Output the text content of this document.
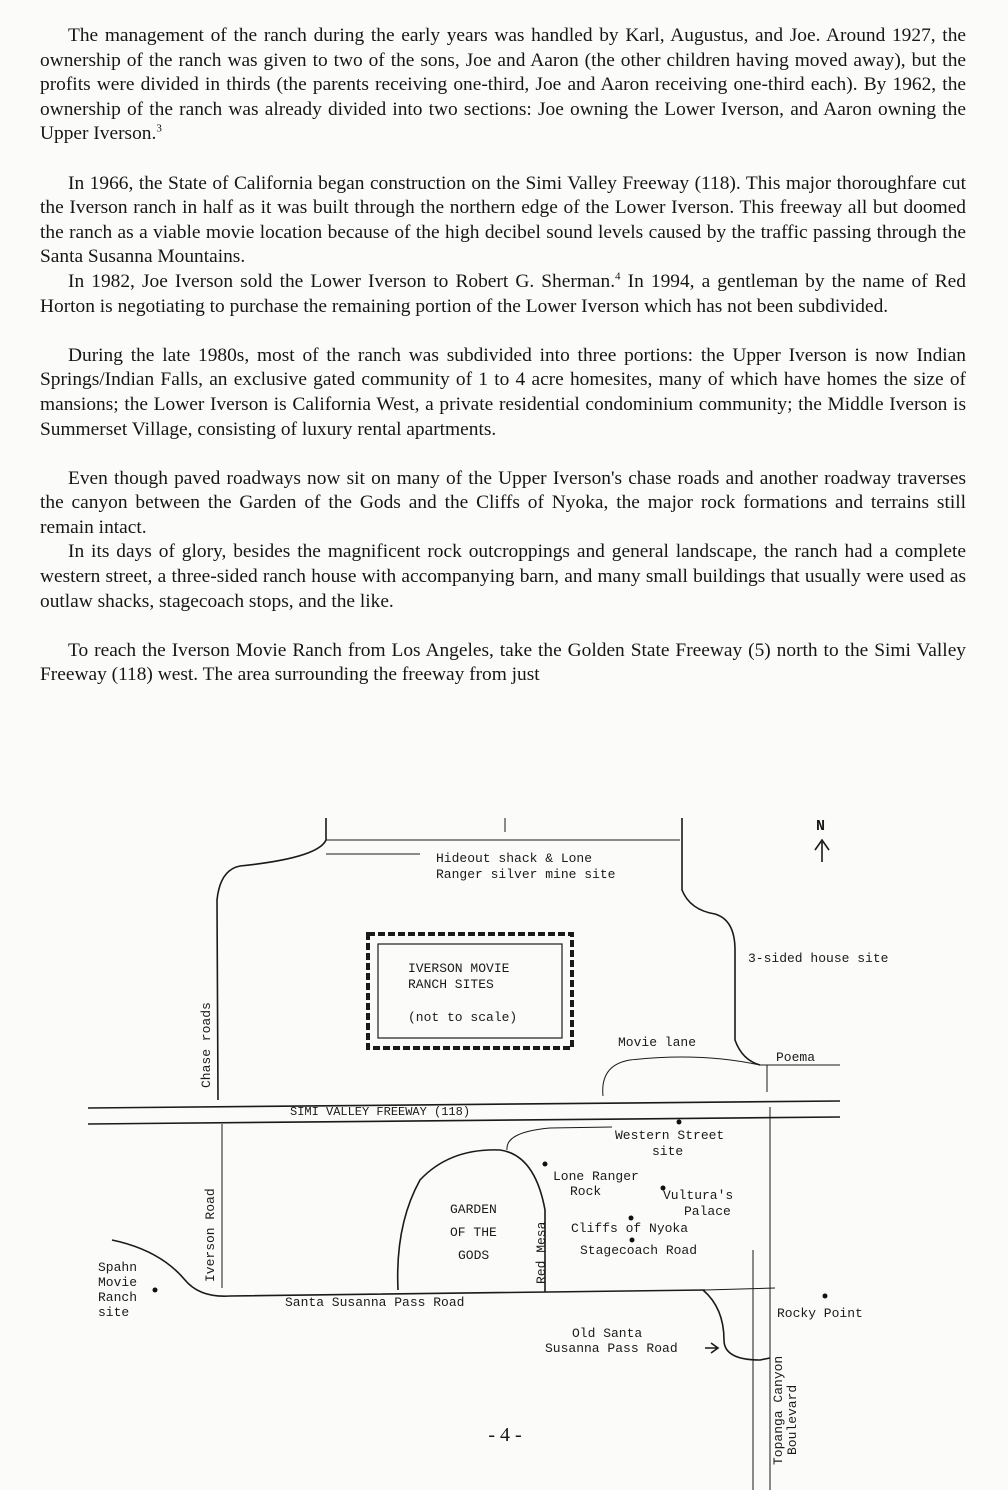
The management of the ranch during the early years was handled by Karl, Augustus, and Joe. Around 1927, the ownership of the ranch was given to two of the sons, Joe and Aaron (the other children having moved away), but the profits were divided in thirds (the parents receiving one-third, Joe and Aaron receiving one-third each). By 1962, the ownership of the ranch was already divided into two sections: Joe owning the Lower Iverson, and Aaron owning the Upper Iverson.$^3$

In 1966, the State of California began construction on the Simi Valley Freeway (118). This major thoroughfare cut the Iverson ranch in half as it was built through the northern edge of the Lower Iverson. This freeway all but doomed the ranch as a viable movie location because of the high decibel sound levels caused by the traffic passing through the Santa Susanna Mountains.

In 1982, Joe Iverson sold the Lower Iverson to Robert G. Sherman.$^4$ In 1994, a gentleman by the name of Red Horton is negotiating to purchase the remaining portion of the Lower Iverson which has not been subdivided.

During the late 1980s, most of the ranch was subdivided into three portions: the Upper Iverson is now Indian Springs/Indian Falls, an exclusive gated community of 1 to 4 acre homesites, many of which have homes the size of mansions; the Lower Iverson is California West, a private residential condominium community; the Middle Iverson is Summerset Village, consisting of luxury rental apartments.

Even though paved roadways now sit on many of the Upper Iverson's chase roads and another roadway traverses the canyon between the Garden of the Gods and the Cliffs of Nyoka, the major rock formations and terrains still remain intact.

In its days of glory, besides the magnificent rock outcroppings and general landscape, the ranch had a complete western street, a three-sided ranch house with accompanying barn, and many small buildings that usually were used as outlaw shacks, stagecoach stops, and the like.

To reach the Iverson Movie Ranch from Los Angeles, take the Golden State Freeway (5) north to the Simi Valley Freeway (118) west. The area surrounding the freeway from just

N
IVERSON MOVIE
RANCH SITES
(not to scale)
Hideout shack & Lone
Ranger silver mine site
3-sided house site
Chase roads	Movie lane
Poema
SIMI VALLEY FREEWAY (118)
Western Street
site
Lone Ranger
Rock	Vultura's
Palace
Cliffs of Nyoka
Stagecoach Road
GARDEN
OF THE
GODS	Red Mesa
Iverson Road
Spahn
Movie
Ranch
site
Santa Susanna Pass Road
Old Santa
Susanna Pass Road
Rocky Point
Topanga Canyon Boulevard
- 4 -
